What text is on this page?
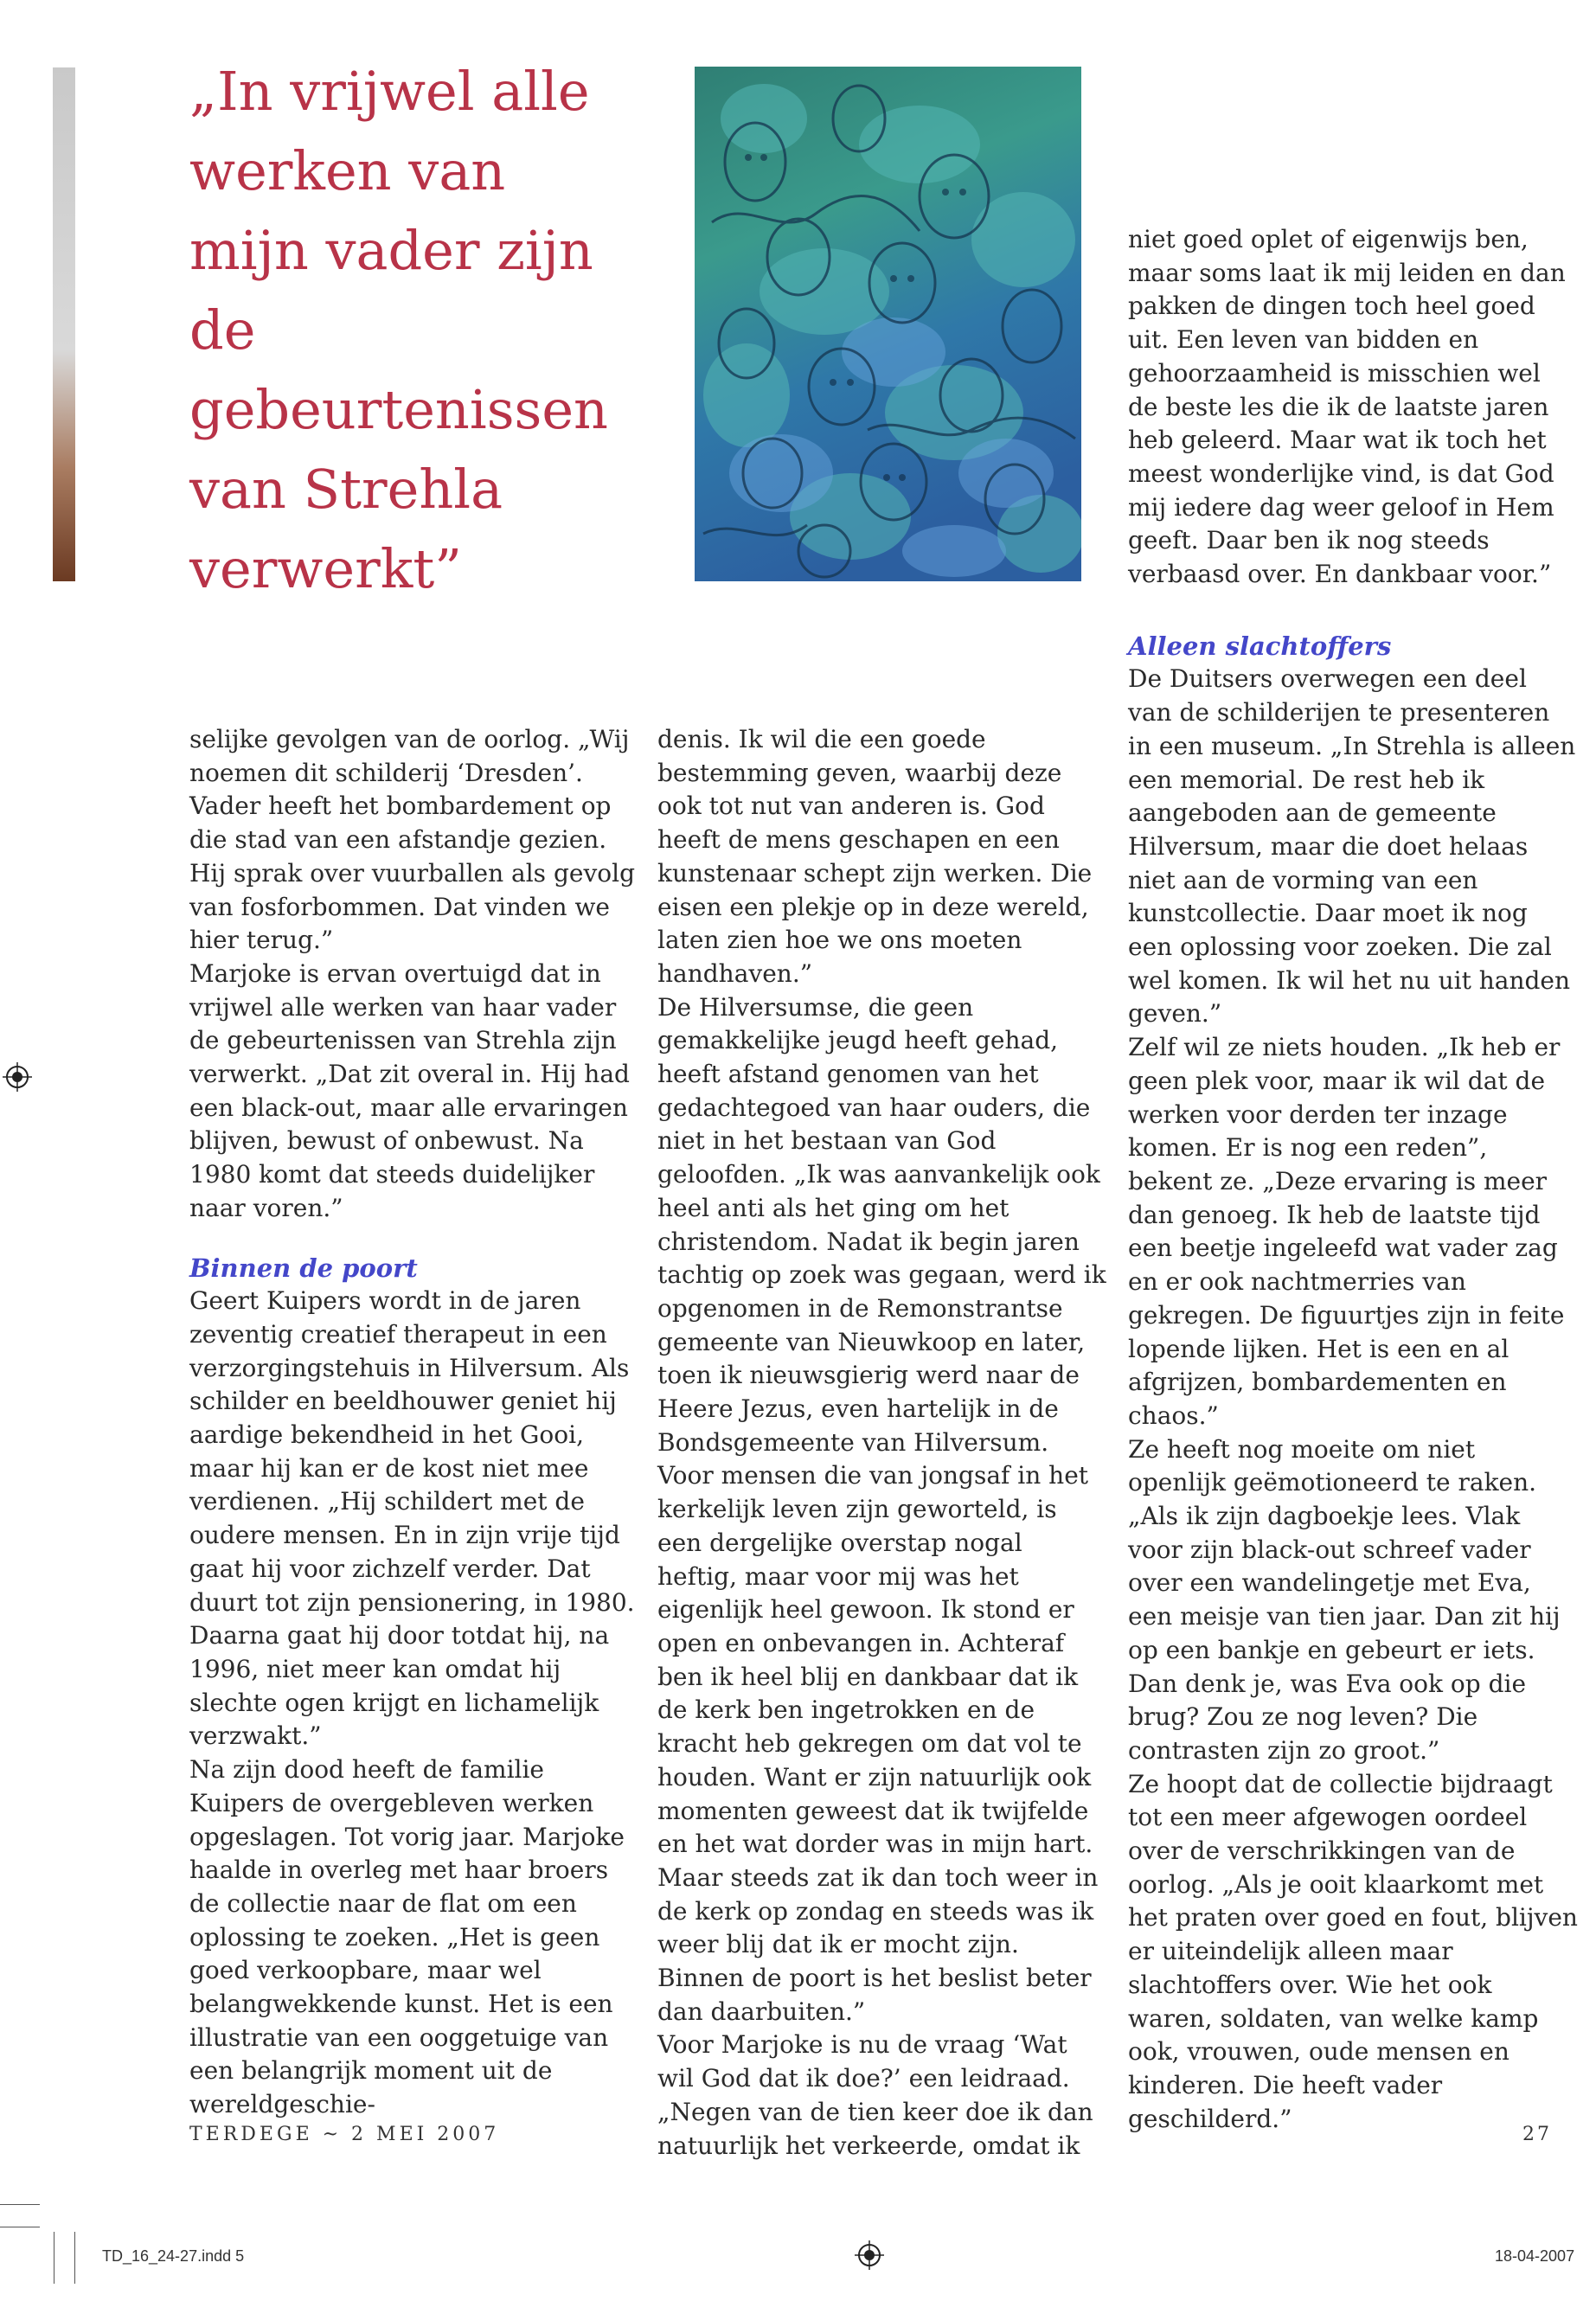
„In vrijwel alle werken van mijn vader zijn de gebeurtenissen van Strehla verwerkt”

selijke gevolgen van de oorlog. „Wij noemen dit schilderij ‘Dresden’. Vader heeft het bombardement op die stad van een afstandje gezien. Hij sprak over vuurballen als gevolg van fosforbommen. Dat vinden we hier terug.”

Marjoke is ervan overtuigd dat in vrijwel alle werken van haar vader de gebeurtenissen van Strehla zijn verwerkt. „Dat zit overal in. Hij had een black-out, maar alle ervaringen blijven, bewust of onbewust. Na 1980 komt dat steeds duidelijker naar voren.”

Binnen de poort

Geert Kuipers wordt in de jaren zeventig creatief therapeut in een verzorgingstehuis in Hilversum. Als schilder en beeldhouwer geniet hij aardige bekendheid in het Gooi, maar hij kan er de kost niet mee verdienen. „Hij schildert met de oudere mensen. En in zijn vrije tijd gaat hij voor zichzelf verder. Dat duurt tot zijn pensionering, in 1980. Daarna gaat hij door totdat hij, na 1996, niet meer kan omdat hij slechte ogen krijgt en lichamelijk verzwakt.”

Na zijn dood heeft de familie Kuipers de overgebleven werken opgeslagen. Tot vorig jaar. Marjoke haalde in overleg met haar broers de collectie naar de flat om een oplossing te zoeken. „Het is geen goed verkoopbare, maar wel belangwekkende kunst. Het is een illustratie van een ooggetuige van een belangrijk moment uit de wereldgeschie-

denis. Ik wil die een goede bestemming geven, waarbij deze ook tot nut van anderen is. God heeft de mens geschapen en een kunstenaar schept zijn werken. Die eisen een plekje op in deze wereld, laten zien hoe we ons moeten handhaven.”

De Hilversumse, die geen gemakkelijke jeugd heeft gehad, heeft afstand genomen van het gedachtegoed van haar ouders, die niet in het bestaan van God geloofden. „Ik was aanvankelijk ook heel anti als het ging om het christendom. Nadat ik begin jaren tachtig op zoek was gegaan, werd ik opgenomen in de Remonstrantse gemeente van Nieuwkoop en later, toen ik nieuwsgierig werd naar de Heere Jezus, even hartelijk in de Bondsgemeente van Hilversum. Voor mensen die van jongsaf in het kerkelijk leven zijn geworteld, is een dergelijke overstap nogal heftig, maar voor mij was het eigenlijk heel gewoon. Ik stond er open en onbevangen in. Achteraf ben ik heel blij en dankbaar dat ik de kerk ben ingetrokken en de kracht heb gekregen om dat vol te houden. Want er zijn natuurlijk ook momenten geweest dat ik twijfelde en het wat dorder was in mijn hart. Maar steeds zat ik dan toch weer in de kerk op zondag en steeds was ik weer blij dat ik er mocht zijn. Binnen de poort is het beslist beter dan daarbuiten.”

Voor Marjoke is nu de vraag ‘Wat wil God dat ik doe?’ een leidraad. „Negen van de tien keer doe ik dan natuurlijk het verkeerde, omdat ik

niet goed oplet of eigenwijs ben, maar soms laat ik mij leiden en dan pakken de dingen toch heel goed uit. Een leven van bidden en gehoorzaamheid is misschien wel de beste les die ik de laatste jaren heb geleerd. Maar wat ik toch het meest wonderlijke vind, is dat God mij iedere dag weer geloof in Hem geeft. Daar ben ik nog steeds verbaasd over. En dankbaar voor.”

Alleen slachtoffers

De Duitsers overwegen een deel van de schilderijen te presenteren in een museum. „In Strehla is alleen een memorial. De rest heb ik aangeboden aan de gemeente Hilversum, maar die doet helaas niet aan de vorming van een kunstcollectie. Daar moet ik nog een oplossing voor zoeken. Die zal wel komen. Ik wil het nu uit handen geven.”

Zelf wil ze niets houden. „Ik heb er geen plek voor, maar ik wil dat de werken voor derden ter inzage komen. Er is nog een reden”, bekent ze. „Deze ervaring is meer dan genoeg. Ik heb de laatste tijd een beetje ingeleefd wat vader zag en er ook nachtmerries van gekregen. De figuurtjes zijn in feite lopende lijken. Het is een en al afgrijzen, bombardementen en chaos.”

Ze heeft nog moeite om niet openlijk geëmotioneerd te raken. „Als ik zijn dagboekje lees. Vlak voor zijn black-out schreef vader over een wandelingetje met Eva, een meisje van tien jaar. Dan zit hij op een bankje en gebeurt er iets. Dan denk je, was Eva ook op die brug? Zou ze nog leven? Die contrasten zijn zo groot.”

Ze hoopt dat de collectie bijdraagt tot een meer afgewogen oordeel over de verschrikkingen van de oorlog. „Als je ooit klaarkomt met het praten over goed en fout, blijven er uiteindelijk alleen maar slachtoffers over. Wie het ook waren, soldaten, van welke kamp ook, vrouwen, oude mensen en kinderen. Die heeft vader geschilderd.”

TERDEGE ~ 2 MEI 2007	27
TD_16_24-27.indd 5	18-04-2007
